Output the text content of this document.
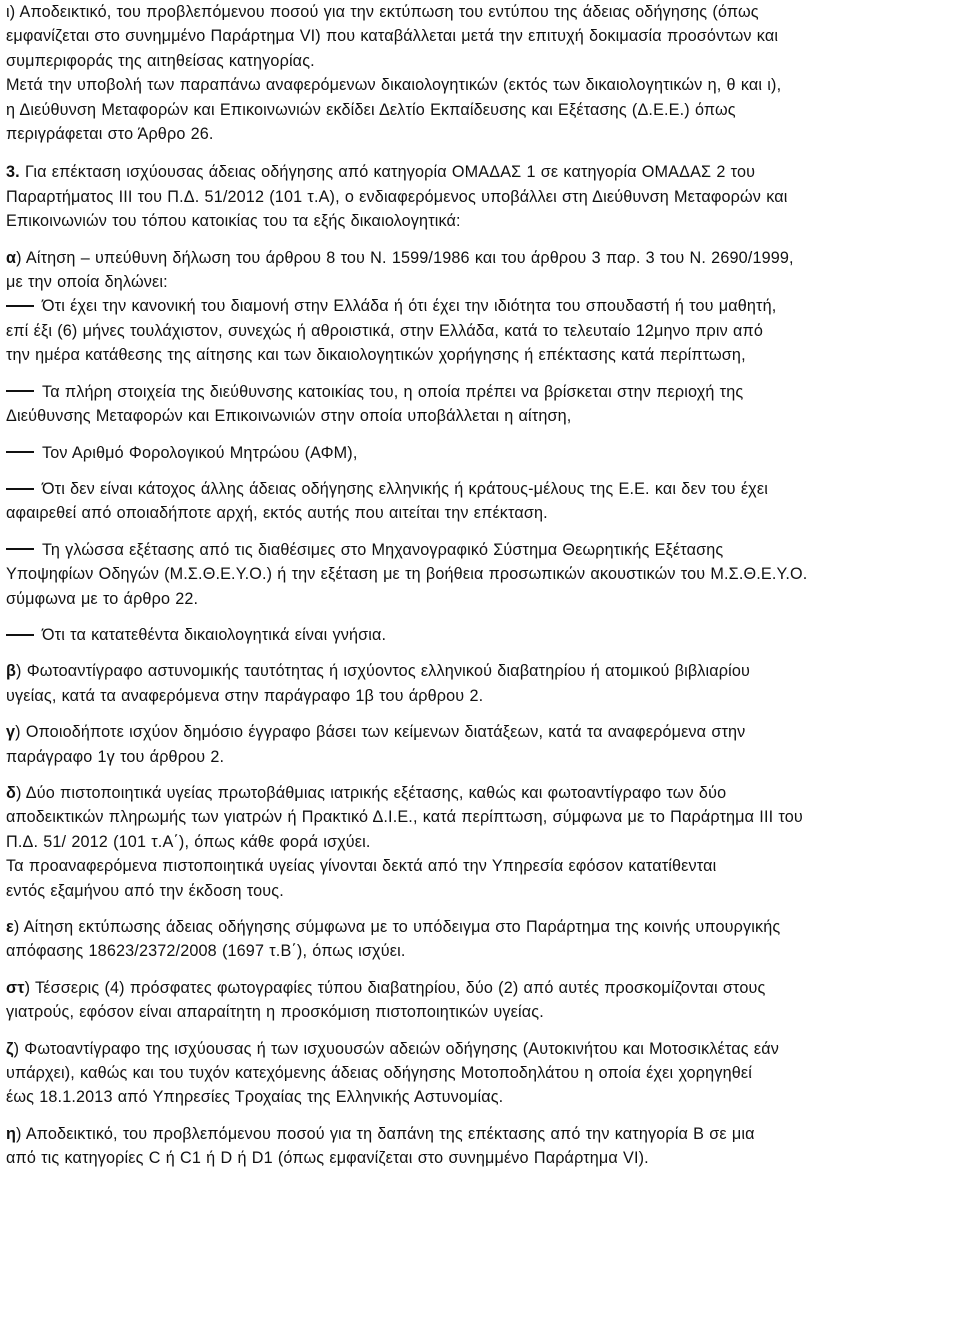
ι) Αποδεικτικό, του προβλεπόμενου ποσού για την εκτύπωση του εντύπου της άδειας οδήγησης (όπως

εμφανίζεται στο συνημμένο Παράρτημα VI) που καταβάλλεται μετά την επιτυχή δοκιμασία προσόντων και

συμπεριφοράς της αιτηθείσας κατηγορίας.

Μετά την υποβολή των παραπάνω αναφερόμενων δικαιολογητικών (εκτός των δικαιολογητικών η, θ και ι),

η Διεύθυνση Μεταφορών και Επικοινωνιών εκδίδει Δελτίο Εκπαίδευσης και Εξέτασης (Δ.Ε.Ε.) όπως

περιγράφεται στο Άρθρο 26.

3. Για επέκταση ισχύουσας άδειας οδήγησης από κατηγορία ΟΜΑΔΑΣ 1 σε κατηγορία ΟΜΑΔΑΣ 2 του

Παραρτήματος ΙΙΙ του Π.Δ. 51/2012 (101 τ.Α), ο ενδιαφερόμενος υποβάλλει στη Διεύθυνση Μεταφορών και

Επικοινωνιών του τόπου κατοικίας του τα εξής δικαιολογητικά:

α) Αίτηση – υπεύθυνη δήλωση του άρθρου 8 του Ν. 1599/1986 και του άρθρου 3 παρ. 3 του Ν. 2690/1999,

με την οποία δηλώνει:

Ότι έχει την κανονική του διαμονή στην Ελλάδα ή ότι έχει την ιδιότητα του σπουδαστή ή του μαθητή,

επί έξι (6) μήνες τουλάχιστον, συνεχώς ή αθροιστικά, στην Ελλάδα, κατά το τελευταίο 12μηνο πριν από

την ημέρα κατάθεσης της αίτησης και των δικαιολογητικών χορήγησης ή επέκτασης κατά περίπτωση,

Τα πλήρη στοιχεία της διεύθυνσης κατοικίας του, η οποία πρέπει να βρίσκεται στην περιοχή της

Διεύθυνσης Μεταφορών και Επικοινωνιών στην οποία υποβάλλεται η αίτηση,

Τον Αριθμό Φορολογικού Μητρώου (ΑΦΜ),

Ότι δεν είναι κάτοχος άλλης άδειας οδήγησης ελληνικής ή κράτους-μέλους της Ε.Ε. και δεν του έχει

αφαιρεθεί από οποιαδήποτε αρχή, εκτός αυτής που αιτείται την επέκταση.

Τη γλώσσα εξέτασης από τις διαθέσιμες στο Μηχανογραφικό Σύστημα Θεωρητικής Εξέτασης

Υποψηφίων Οδηγών (Μ.Σ.Θ.Ε.Υ.Ο.) ή την εξέταση με τη βοήθεια προσωπικών ακουστικών του Μ.Σ.Θ.Ε.Υ.Ο.

σύμφωνα με το άρθρο 22.

Ότι τα κατατεθέντα δικαιολογητικά είναι γνήσια.

β) Φωτοαντίγραφο αστυνομικής ταυτότητας ή ισχύοντος ελληνικού διαβατηρίου ή ατομικού βιβλιαρίου

υγείας, κατά τα αναφερόμενα στην παράγραφο 1β του άρθρου 2.

γ) Οποιοδήποτε ισχύον δημόσιο έγγραφο βάσει των κείμενων διατάξεων, κατά τα αναφερόμενα στην

παράγραφο 1γ του άρθρου 2.

δ) Δύο πιστοποιητικά υγείας πρωτοβάθμιας ιατρικής εξέτασης, καθώς και φωτοαντίγραφο των δύο

αποδεικτικών πληρωμής των γιατρών ή Πρακτικό Δ.Ι.Ε., κατά περίπτωση, σύμφωνα με το Παράρτημα ΙΙΙ του

Π.Δ. 51/ 2012 (101 τ.Α΄), όπως κάθε φορά ισχύει.

Τα προαναφερόμενα πιστοποιητικά υγείας γίνονται δεκτά από την Υπηρεσία εφόσον κατατίθενται

εντός εξαμήνου από την έκδοση τους.

ε) Αίτηση εκτύπωσης άδειας οδήγησης σύμφωνα με το υπόδειγμα στο Παράρτημα της κοινής υπουργικής

απόφασης 18623/2372/2008 (1697 τ.Β΄), όπως ισχύει.

στ) Τέσσερις (4) πρόσφατες φωτογραφίες τύπου διαβατηρίου, δύο (2) από αυτές προσκομίζονται στους

γιατρούς, εφόσον είναι απαραίτητη η προσκόμιση πιστοποιητικών υγείας.

ζ) Φωτοαντίγραφο της ισχύουσας ή των ισχυουσών αδειών οδήγησης (Αυτοκινήτου και Μοτοσικλέτας εάν

υπάρχει), καθώς και του τυχόν κατεχόμενης άδειας οδήγησης Μοτοποδηλάτου η οποία έχει χορηγηθεί

έως 18.1.2013 από Υπηρεσίες Τροχαίας της Ελληνικής Αστυνομίας.

η) Αποδεικτικό, του προβλεπόμενου ποσού για τη δαπάνη της επέκτασης από την κατηγορία Β σε μια

από τις κατηγορίες C ή C1 ή D ή D1 (όπως εμφανίζεται στο συνημμένο Παράρτημα VI).
